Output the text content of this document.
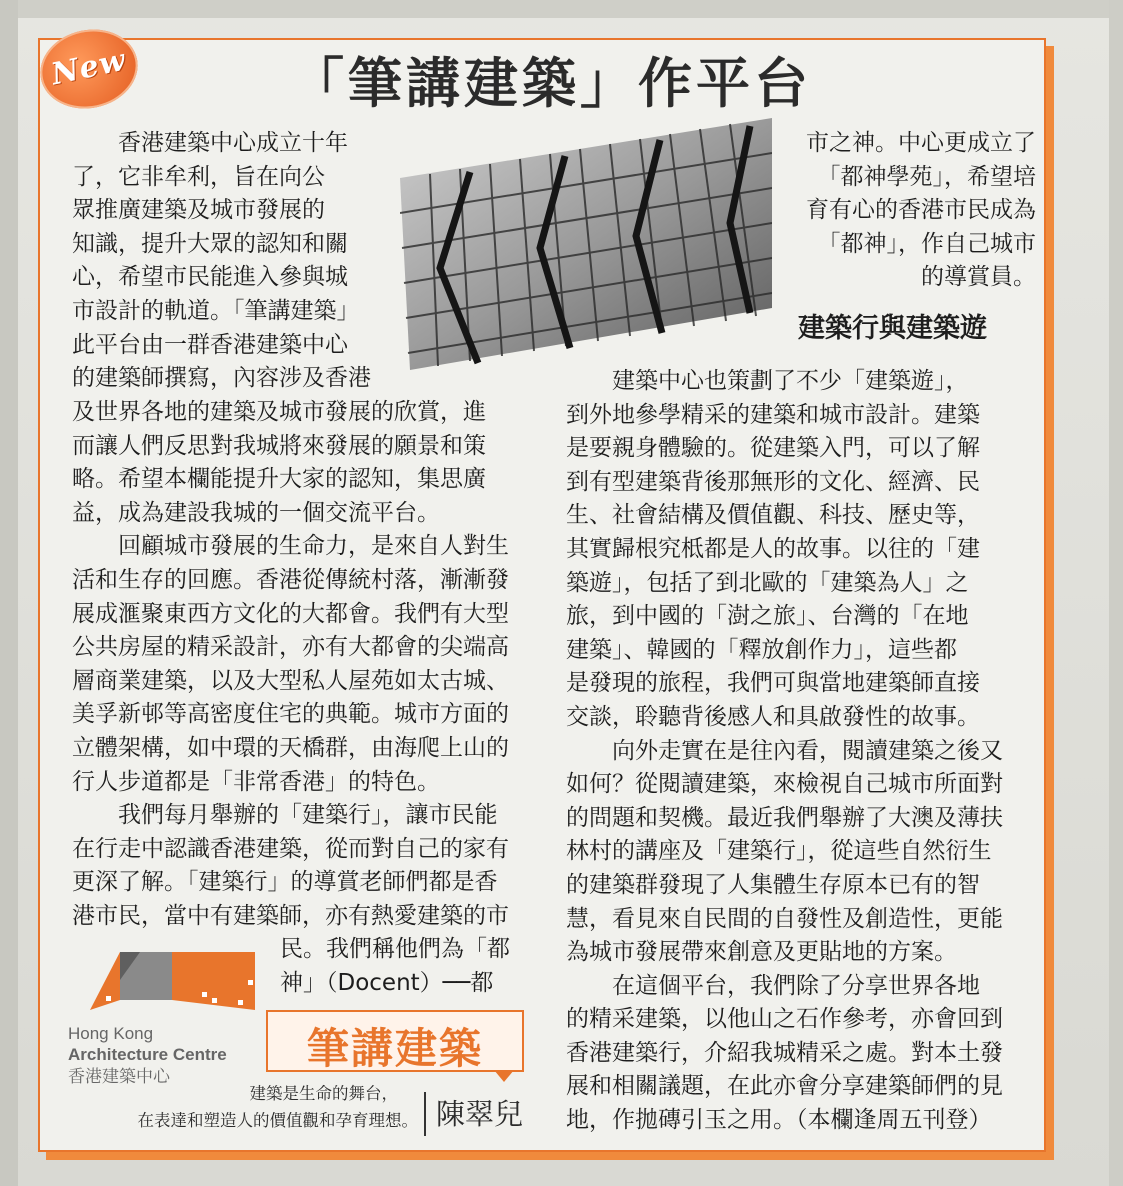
New	「筆講建築」作平台

　　香港建築中心成立十年

了，它非牟利，旨在向公

眾推廣建築及城市發展的

知識，提升大眾的認知和關

心，希望市民能進入參與城

市設計的軌道。「筆講建築」

此平台由一群香港建築中心

的建築師撰寫，內容涉及香港

及世界各地的建築及城市發展的欣賞，進

而讓人們反思對我城將來發展的願景和策

略。希望本欄能提升大家的認知，集思廣

益，成為建設我城的一個交流平台。

　　回顧城市發展的生命力，是來自人對生

活和生存的回應。香港從傳統村落，漸漸發

展成滙聚東西方文化的大都會。我們有大型

公共房屋的精采設計，亦有大都會的尖端高

層商業建築，以及大型私人屋苑如太古城、

美孚新邨等高密度住宅的典範。城市方面的

立體架構，如中環的天橋群，由海爬上山的

行人步道都是「非常香港」的特色。

　　我們每月舉辦的「建築行」，讓市民能

在行走中認識香港建築，從而對自己的家有

更深了解。「建築行」的導賞老師們都是香

港市民，當中有建築師，亦有熱愛建築的市

民。我們稱他們為「都

神」（Docent）──都

市之神。中心更成立了

「都神學苑」，希望培

育有心的香港市民成為

「都神」，作自己城市

的導賞員。

建築行與建築遊

　　建築中心也策劃了不少「建築遊」，

到外地參學精采的建築和城市設計。建築

是要親身體驗的。從建築入門，可以了解

到有型建築背後那無形的文化、經濟、民

生、社會結構及價值觀、科技、歷史等，

其實歸根究柢都是人的故事。以往的「建

築遊」，包括了到北歐的「建築為人」之

旅，到中國的「澍之旅」、台灣的「在地

建築」、韓國的「釋放創作力」，這些都

是發現的旅程，我們可與當地建築師直接

交談，聆聽背後感人和具啟發性的故事。

　　向外走實在是往內看，閱讀建築之後又

如何？從閱讀建築，來檢視自己城市所面對

的問題和契機。最近我們舉辦了大澳及薄扶

林村的講座及「建築行」，從這些自然衍生

的建築群發現了人集體生存原本已有的智

慧，看見來自民間的自發性及創造性，更能

為城市發展帶來創意及更貼地的方案。

　　在這個平台，我們除了分享世界各地

的精采建築，以他山之石作參考，亦會回到

香港建築行，介紹我城精采之處。對本土發

展和相關議題，在此亦會分享建築師們的見

地，作拋磚引玉之用。（本欄逢周五刊登）

Hong Kong
Architecture Centre
香港建築中心
筆講建築
建築是生命的舞台，
在表達和塑造人的價值觀和孕育理想。 陳翠兒
